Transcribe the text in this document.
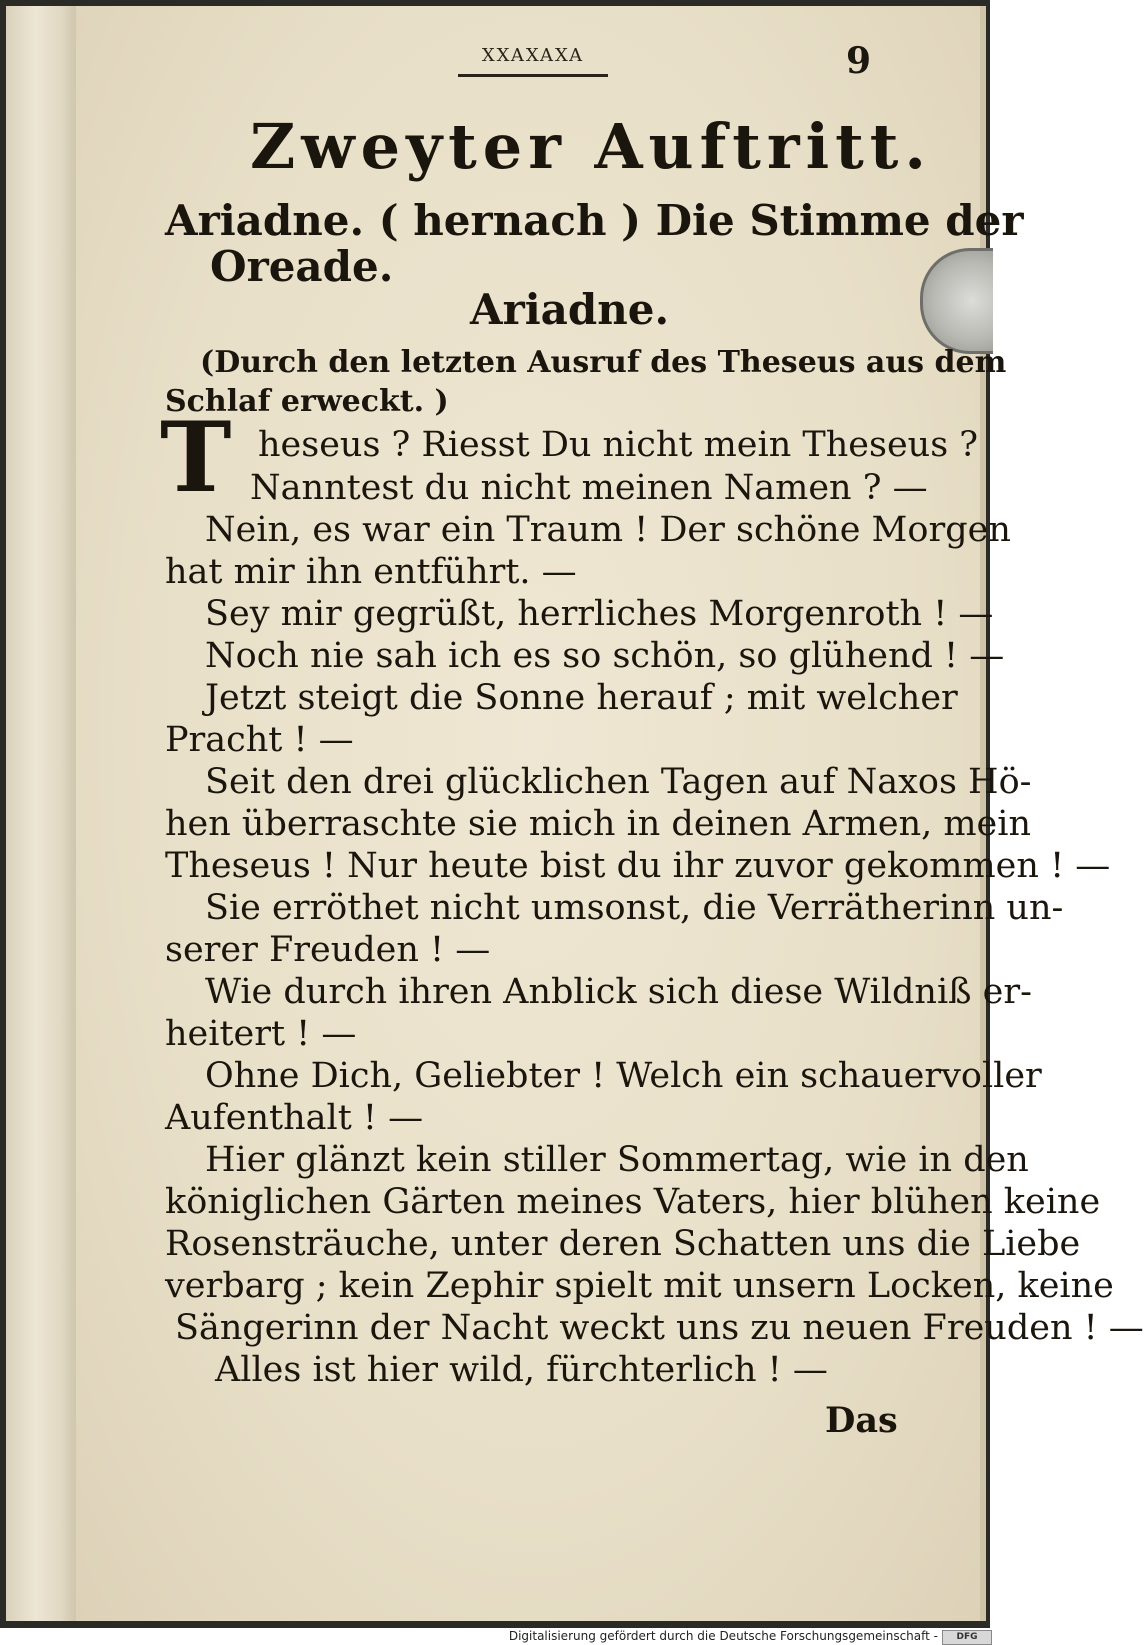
XXAXAXA	9
Zweyter Auftritt.
Ariadne. ( hernach ) Die Stimme der
Oreade.
Ariadne.
(Durch den letzten Ausruf des Theseus aus dem
Schlaf erweckt. )
T heseus ? Riesst Du nicht mein Theseus ?
Nanntest du nicht meinen Namen ? —
Nein, es war ein Traum ! Der schöne Morgen
hat mir ihn entführt. —
Sey mir gegrüßt, herrliches Morgenroth ! —
Noch nie sah ich es so schön, so glühend ! —
Jetzt steigt die Sonne herauf ; mit welcher
Pracht ! —
Seit den drei glücklichen Tagen auf Naxos Hö-
hen überraschte sie mich in deinen Armen, mein
Theseus ! Nur heute bist du ihr zuvor gekommen ! —
Sie erröthet nicht umsonst, die Verrätherinn un-
serer Freuden ! —
Wie durch ihren Anblick sich diese Wildniß er-
heitert ! —
Ohne Dich, Geliebter ! Welch ein schauervoller
Aufenthalt ! —
Hier glänzt kein stiller Sommertag, wie in den
königlichen Gärten meines Vaters, hier blühen keine
Rosensträuche, unter deren Schatten uns die Liebe
verbarg ; kein Zephir spielt mit unsern Locken, keine
Sängerinn der Nacht weckt uns zu neuen Freuden ! —
Alles ist hier wild, fürchterlich ! —
Das
Digitalisierung gefördert durch die Deutsche Forschungsgemeinschaft -	DFG
